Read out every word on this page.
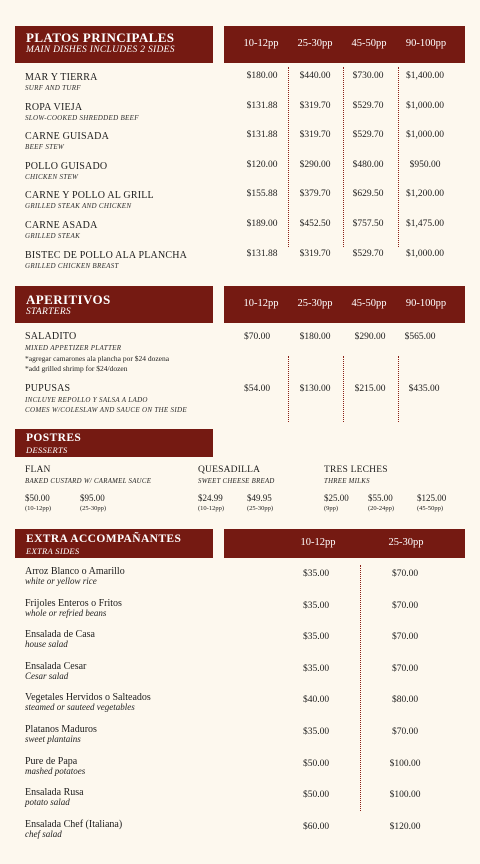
PLATOS PRINCIPALES
MAIN DISHES INCLUDES 2 SIDES
10-12pp	25-30pp	45-50pp	90-100pp
MAR Y TIERRA
SURF AND TURF
$180.00	$440.00	$730.00	$1,400.00
ROPA VIEJA
SLOW-COOKED SHREDDED BEEF
$131.88	$319.70	$529.70	$1,000.00
CARNE GUISADA
BEEF STEW
$131.88	$319.70	$529.70	$1,000.00
POLLO GUISADO
CHICKEN STEW
$120.00	$290.00	$480.00	$950.00
CARNE Y POLLO AL GRILL
GRILLED STEAK AND CHICKEN
$155.88	$379.70	$629.50	$1,200.00
CARNE ASADA
GRILLED STEAK
$189.00	$452.50	$757.50	$1,475.00
BISTEC DE POLLO ALA PLANCHA
GRILLED CHICKEN BREAST
$131.88	$319.70	$529.70	$1,000.00
APERITIVOS
STARTERS
10-12pp	25-30pp	45-50pp	90-100pp
SALADITO
MIXED APPETIZER PLATTER
*agregar camarones ala plancha por $24 dozena
*add grilled shrimp for $24/dozen
$70.00	$180.00	$290.00	$565.00
PUPUSAS
INCLUYE REPOLLO Y SALSA A LADO
COMES W/COLESLAW AND SAUCE ON THE SIDE
$54.00	$130.00	$215.00	$435.00
POSTRES
DESSERTS
FLAN
BAKED CUSTARD W/ CARAMEL SAUCE
$50.00
(10-12pp)
$95.00
(25-30pp)
QUESADILLA
SWEET CHEESE BREAD
$24.99
(10-12pp)
$49.95
(25-30pp)
TRES LECHES
THREE MILKS
$25.00
(9pp)
$55.00
(20-24pp)
$125.00
(45-50pp)
EXTRA ACCOMPAÑANTES
EXTRA SIDES
10-12pp	25-30pp
Arroz Blanco o Amarillo
white or yellow rice
$35.00	$70.00
Frijoles Enteros o Fritos
whole or refried beans
$35.00	$70.00
Ensalada de Casa
house salad
$35.00	$70.00
Ensalada Cesar
Cesar salad
$35.00	$70.00
Vegetales Hervidos o Salteados
steamed or sauteed vegetables
$40.00	$80.00
Platanos Maduros
sweet plantains
$35.00	$70.00
Pure de Papa
mashed potatoes
$50.00	$100.00
Ensalada Rusa
potato salad
$50.00	$100.00
Ensalada Chef (Italiana)
chef salad
$60.00	$120.00
